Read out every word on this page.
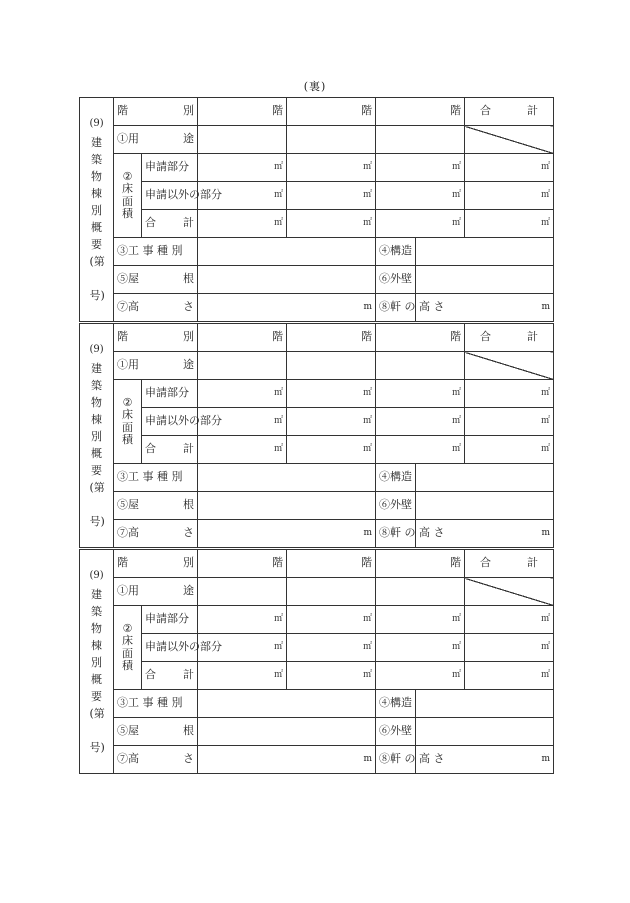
(裏)
(9)
建築物棟別概要 (第

号)	階 別		階	階	階		合 計

	①用 途						

	②
床
面
積	申請部分	㎡	㎡	㎡		㎡
		申請以外の部分	㎡	㎡	㎡		㎡

		合 計	㎡	㎡	㎡		㎡
	③工 事 種 別				④構 造		

	⑤屋 根				⑥外 壁		

	⑦高 さ		m		⑧軒 の 高 さ	m	
(9)
建築物棟別概要 (第

号)	階 別		階	階	階		合 計

	①用 途						

	②
床
面
積	申請部分	㎡	㎡	㎡		㎡
		申請以外の部分	㎡	㎡	㎡		㎡

		合 計	㎡	㎡	㎡		㎡
	③工 事 種 別				④構 造		

	⑤屋 根				⑥外 壁		

	⑦高 さ		m		⑧軒 の 高 さ	m	
(9)
建築物棟別概要 (第

号)	階 別		階	階	階		合 計

	①用 途						

	②
床
面
積	申請部分	㎡	㎡	㎡		㎡
		申請以外の部分	㎡	㎡	㎡		㎡

		合 計	㎡	㎡	㎡		㎡
	③工 事 種 別				④構 造		

	⑤屋 根				⑥外 壁		

	⑦高 さ		m		⑧軒 の 高 さ	m	
